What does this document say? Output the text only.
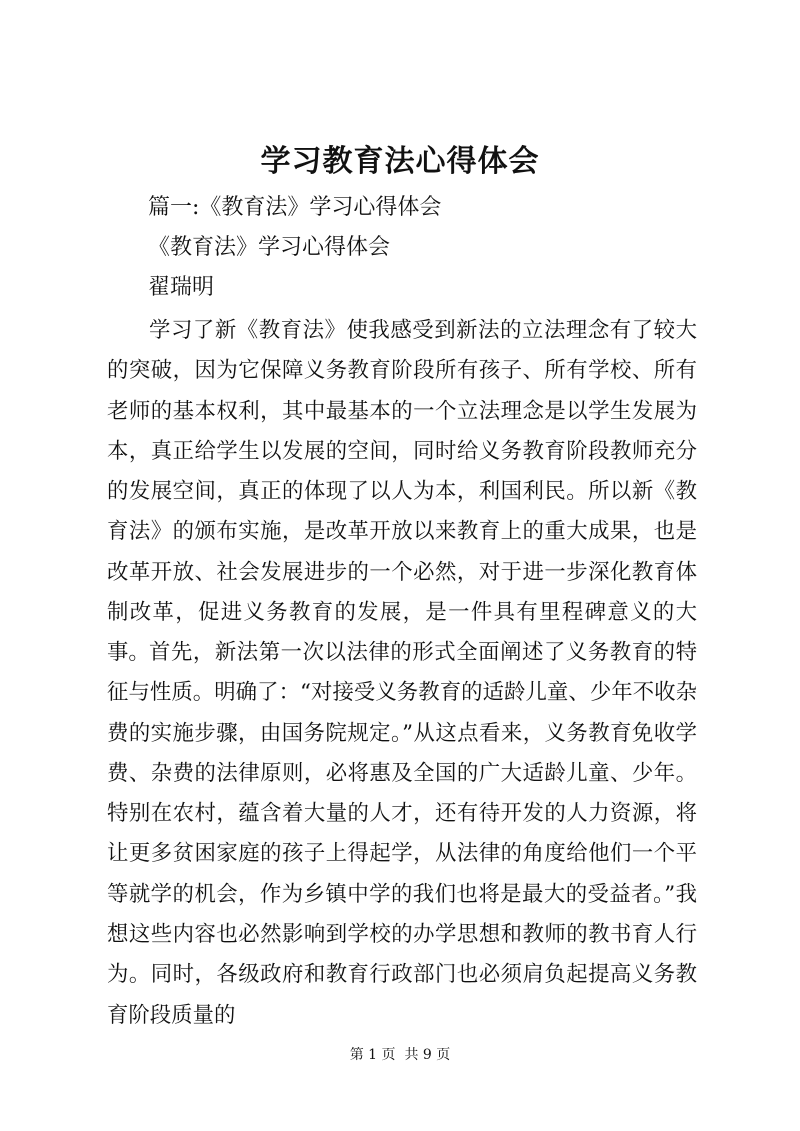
学习教育法心得体会

篇一:《教育法》学习心得体会

《教育法》学习心得体会

翟瑞明

学习了新《教育法》使我感受到新法的立法理念有了较大的突破，因为它保障义务教育阶段所有孩子、所有学校、所有老师的基本权利，其中最基本的一个立法理念是以学生发展为本，真正给学生以发展的空间，同时给义务教育阶段教师充分的发展空间，真正的体现了以人为本，利国利民。所以新《教育法》的颁布实施，是改革开放以来教育上的重大成果，也是改革开放、社会发展进步的一个必然，对于进一步深化教育体制改革，促进义务教育的发展，是一件具有里程碑意义的大事。 首先，新法第一次以法律的形式全面阐述了义务教育的特征与性质。明确了：“对接受义务教育的适龄儿童、少年不收杂费的实施步骤，由国务院规定。”从这点看来，义务教育免收学费、杂费的法律原则，必将惠及全国的广大适龄儿童、少年。特别在农村，蕴含着大量的人才，还有待开发的人力资源，将让更多贫困家庭的孩子上得起学，从法律的角度给他们一个平等就学的机会，作为乡镇中学的我们也将是最大的受益者。”我想这些内容也必然影响到学校的办学思想和教师的教书育人行为。同时，各级政府和教育行政部门也必须肩负起提高义务教育阶段质量的

第 1 页  共 9 页
